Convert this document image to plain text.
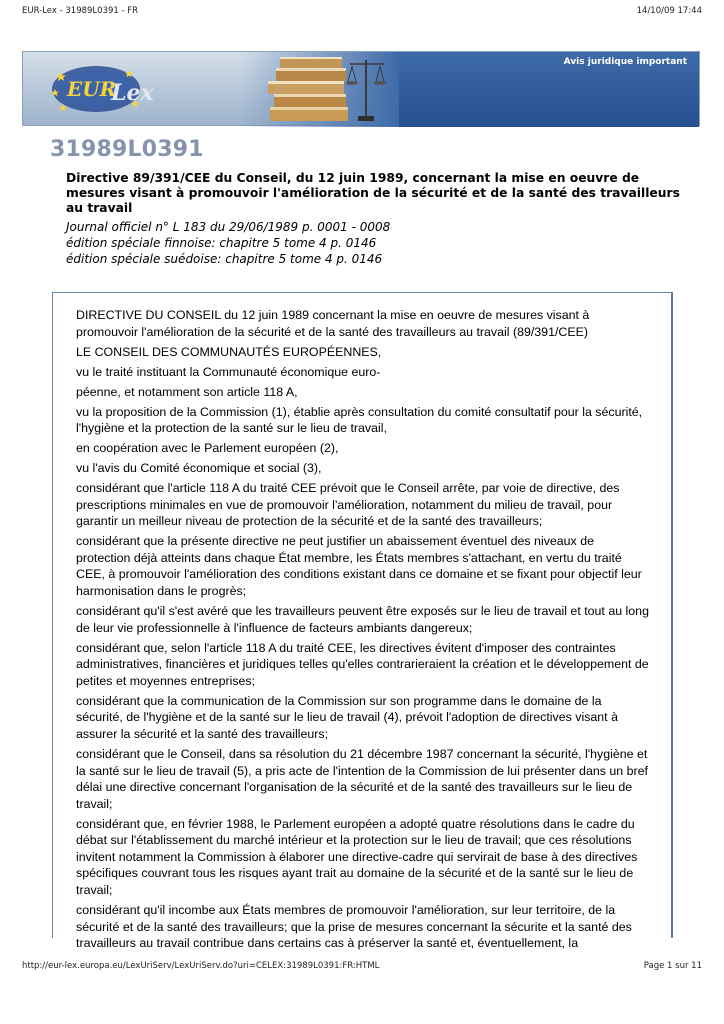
EUR-Lex - 31989L0391 - FR	14/10/09 17:44
EUR
Lex
Avis juridique important
31989L0391
Directive 89/391/CEE du Conseil, du 12 juin 1989, concernant la mise en oeuvre de mesures visant à promouvoir l'amélioration de la sécurité et de la santé des travailleurs au travail
Journal officiel n° L 183 du 29/06/1989 p. 0001 - 0008
édition spéciale finnoise: chapitre 5 tome 4 p. 0146
édition spéciale suédoise: chapitre 5 tome 4 p. 0146

DIRECTIVE DU CONSEIL du 12 juin 1989 concernant la mise en oeuvre de mesures visant à promouvoir l'amélioration de la sécurité et de la santé des travailleurs au travail (89/391/CEE)

LE CONSEIL DES COMMUNAUTÉS EUROPÉENNES,

vu le traité instituant la Communauté économique euro-

péenne, et notamment son article 118 A,

vu la proposition de la Commission (1), établie après consultation du comité consultatif pour la sécurité, l'hygiène et la protection de la santé sur le lieu de travail,

en coopération avec le Parlement européen (2),

vu l'avis du Comité économique et social (3),

considérant que l'article 118 A du traité CEE prévoit que le Conseil arrête, par voie de directive, des prescriptions minimales en vue de promouvoir l'amélioration, notamment du milieu de travail, pour garantir un meilleur niveau de protection de la sécurité et de la santé des travailleurs;

considérant que la présente directive ne peut justifier un abaissement éventuel des niveaux de protection déjà atteints dans chaque État membre, les États membres s'attachant, en vertu du traité CEE, à promouvoir l'amélioration des conditions existant dans ce domaine et se fixant pour objectif leur harmonisation dans le progrès;

considérant qu'il s'est avéré que les travailleurs peuvent être exposés sur le lieu de travail et tout au long de leur vie professionnelle à l'influence de facteurs ambiants dangereux;

considérant que, selon l'article 118 A du traité CEE, les directives évitent d'imposer des contraintes administratives, financières et juridiques telles qu'elles contrarieraient la création et le développement de petites et moyennes entreprises;

considérant que la communication de la Commission sur son programme dans le domaine de la sécurité, de l'hygiène et de la santé sur le lieu de travail (4), prévoit l'adoption de directives visant à assurer la sécurité et la santé des travailleurs;

considérant que le Conseil, dans sa résolution du 21 décembre 1987 concernant la sécurité, l'hygiène et la santé sur le lieu de travail (5), a pris acte de l'intention de la Commission de lui présenter dans un bref délai une directive concernant l'organisation de la sécurité et de la santé des travailleurs sur le lieu de travail;

considérant que, en février 1988, le Parlement européen a adopté quatre résolutions dans le cadre du débat sur l'établissement du marché intérieur et la protection sur le lieu de travail; que ces résolutions invitent notamment la Commission à élaborer une directive-cadre qui servirait de base à des directives spécifiques couvrant tous les risques ayant trait au domaine de la sécurité et de la santé sur le lieu de travail;

considérant qu'il incombe aux États membres de promouvoir l'amélioration, sur leur territoire, de la sécurité et de la santé des travailleurs; que la prise de mesures concernant la sécurite et la santé des travailleurs au travail contribue dans certains cas à préserver la santé et, éventuellement, la

http://eur-lex.europa.eu/LexUriServ/LexUriServ.do?uri=CELEX:31989L0391:FR:HTML	Page 1 sur 11
